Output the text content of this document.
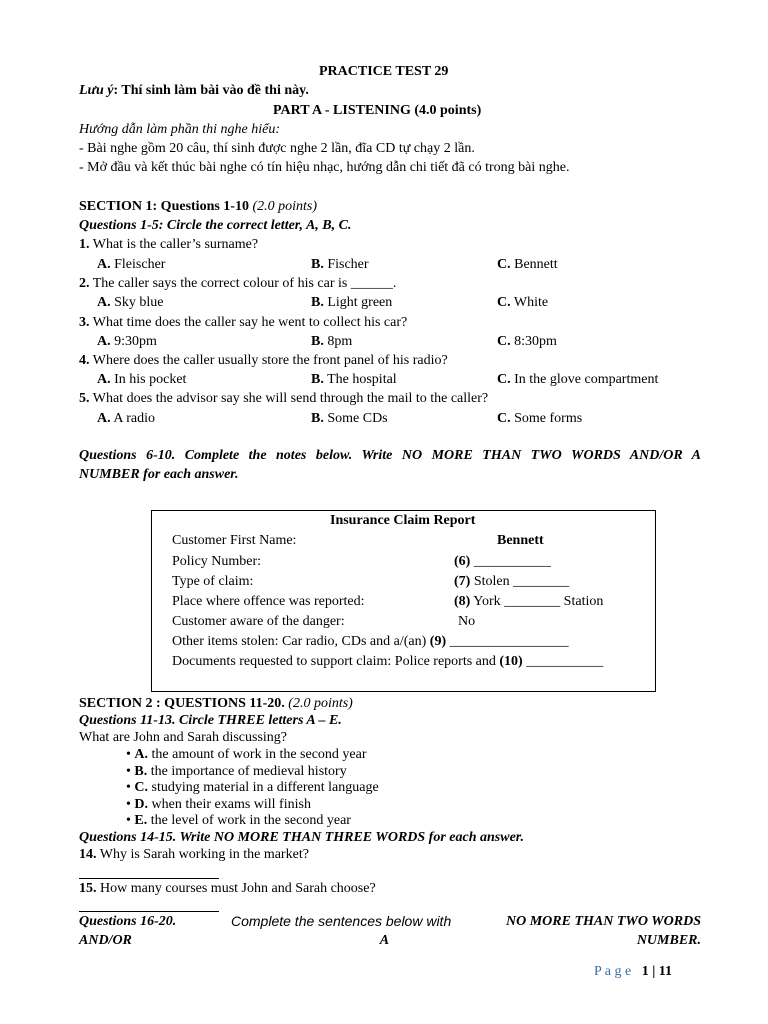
PRACTICE TEST 29
Lưu ý: Thí sinh làm bài vào đề thi này.
PART A - LISTENING (4.0 points)
Hướng dẫn làm phần thi nghe hiểu:
- Bài nghe gồm 20 câu, thí sinh được nghe 2 lần, đĩa CD tự chạy 2 lần.
- Mở đầu và kết thúc bài nghe có tín hiệu nhạc, hướng dẫn chi tiết đã có trong bài nghe.
SECTION 1: Questions 1-10 (2.0 points)
Questions 1-5: Circle the correct letter, A, B, C.
1. What is the caller’s surname?
A. Fleischer	B. Fischer	C. Bennett
2. The caller says the correct colour of his car is ______.
A. Sky blue	B. Light green	C. White
3. What time does the caller say he went to collect his car?
A. 9:30pm	B. 8pm	C. 8:30pm
4. Where does the caller usually store the front panel of his radio?
A. In his pocket	B. The hospital	C. In the glove compartment
5. What does the advisor say she will send through the mail to the caller?
A. A radio	B. Some CDs	C. Some forms
Questions 6-10. Complete the notes below. Write NO MORE THAN TWO WORDS AND/OR A
NUMBER for each answer.
Insurance Claim Report
Customer First Name:	Bennett
Policy Number:	(6) ___________
Type of claim:	(7) Stolen ________
Place where offence was reported:	(8) York ________ Station
Customer aware of the danger:	No
Other items stolen: Car radio, CDs and a/(an) (9) _________________
Documents requested to support claim: Police reports and (10) ___________
SECTION 2 : QUESTIONS 11-20. (2.0 points)
Questions 11-13. Circle THREE letters A – E.
What are John and Sarah discussing?
• A. the amount of work in the second year
• B. the importance of medieval history
• C. studying material in a different language
• D. when their exams will finish
• E. the level of work in the second year
Questions 14-15. Write NO MORE THAN THREE WORDS for each answer.
14. Why is Sarah working in the market?
15. How many courses must John and Sarah choose?
Questions 16-20.	Complete the sentences below with	NO MORE THAN TWO WORDS
AND/OR	A	NUMBER.
P a g e 1 | 11
